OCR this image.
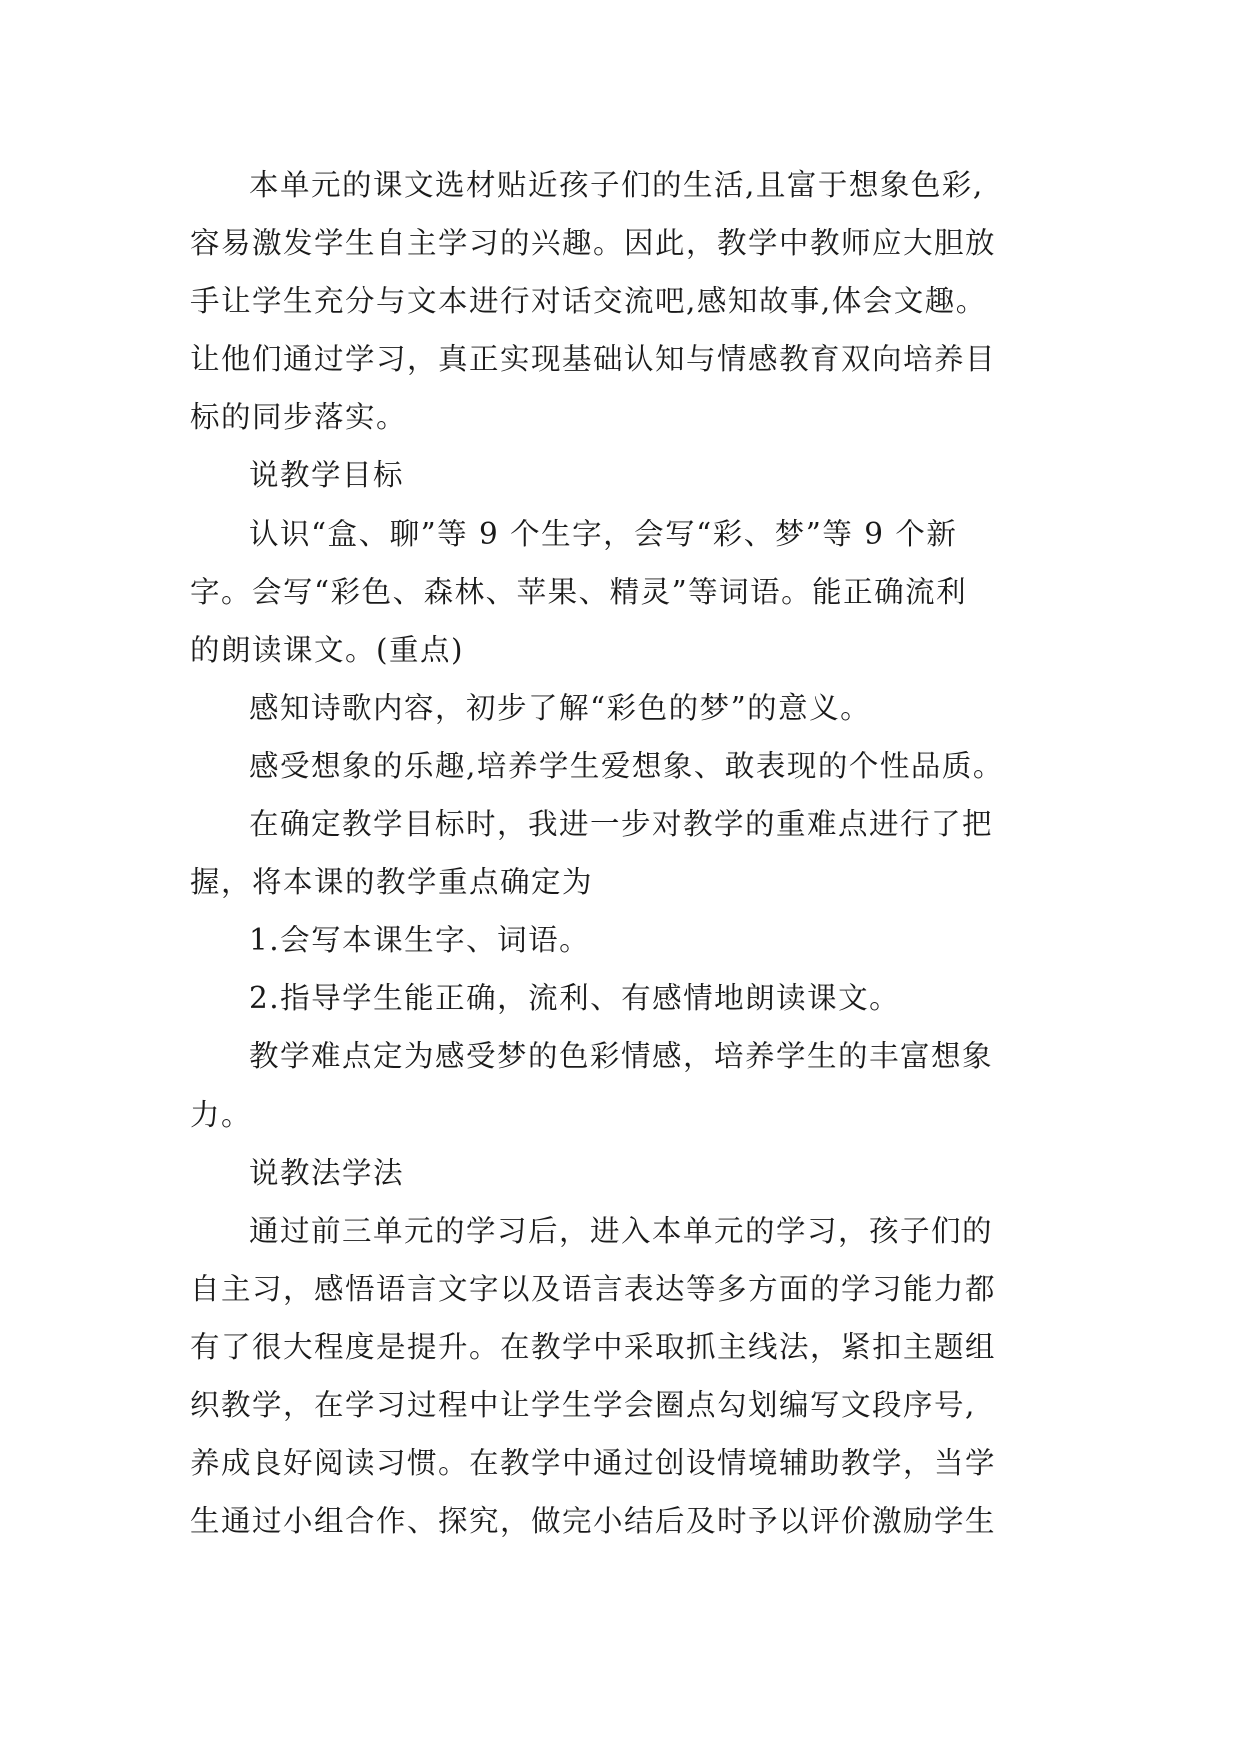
本单元的课文选材贴近孩子们的生活,且富于想象色彩,
容易激发学生自主学习的兴趣。因此，教学中教师应大胆放
手让学生充分与文本进行对话交流吧,感知故事,体会文趣。
让他们通过学习，真正实现基础认知与情感教育双向培养目
标的同步落实。

说教学目标

认识“盒、聊”等 9 个生字，会写“彩、梦”等 9 个新
字。会写“彩色、森林、苹果、精灵”等词语。能正确流利
的朗读课文。(重点)

感知诗歌内容，初步了解“彩色的梦”的意义。

感受想象的乐趣,培养学生爱想象、敢表现的个性品质。

在确定教学目标时，我进一步对教学的重难点进行了把
握，将本课的教学重点确定为

1.会写本课生字、词语。

2.指导学生能正确，流利、有感情地朗读课文。

教学难点定为感受梦的色彩情感，培养学生的丰富想象
力。

说教法学法

通过前三单元的学习后，进入本单元的学习，孩子们的
自主习，感悟语言文字以及语言表达等多方面的学习能力都
有了很大程度是提升。在教学中采取抓主线法，紧扣主题组
织教学，在学习过程中让学生学会圈点勾划编写文段序号,
养成良好阅读习惯。在教学中通过创设情境辅助教学，当学
生通过小组合作、探究，做完小结后及时予以评价激励学生
